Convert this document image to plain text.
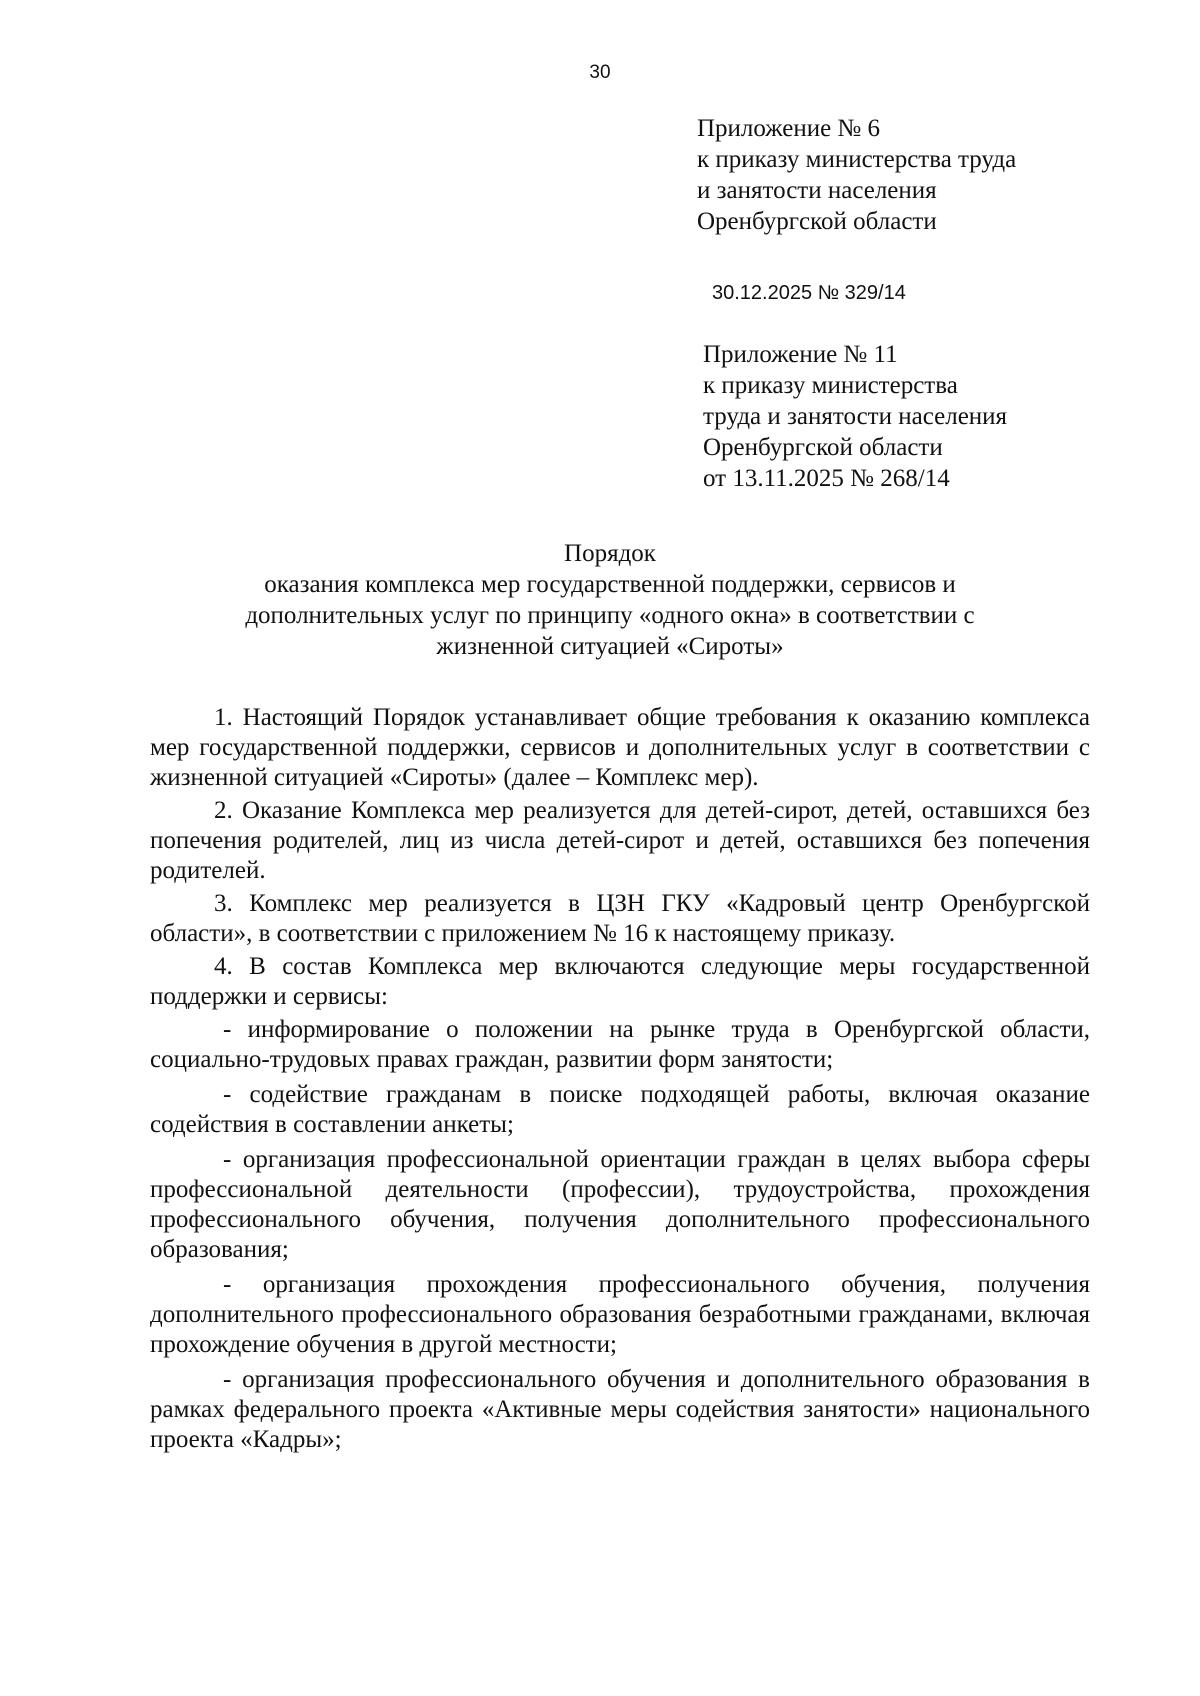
30
Приложение № 6
к приказу министерства труда
и занятости населения
Оренбургской области
30.12.2025 № 329/14
Приложение № 11
к приказу министерства
труда и занятости населения
Оренбургской области
от 13.11.2025 № 268/14
Порядок
оказания комплекса мер государственной поддержки, сервисов и
дополнительных услуг по принципу «одного окна» в соответствии с
жизненной ситуацией «Сироты»

1. Настоящий Порядок устанавливает общие требования к оказанию комплекса мер государственной поддержки, сервисов и дополнительных услуг в соответствии с жизненной ситуацией «Сироты» (далее – Комплекс мер).

2. Оказание Комплекса мер реализуется для детей-сирот, детей, оставшихся без попечения родителей, лиц из числа детей-сирот и детей, оставшихся без попечения родителей.

3. Комплекс мер реализуется в ЦЗН ГКУ «Кадровый центр Оренбургской области», в соответствии с приложением № 16 к настоящему приказу.

4. В состав Комплекса мер включаются следующие меры государственной поддержки и сервисы:

- информирование о положении на рынке труда в Оренбургской области, социально-трудовых правах граждан, развитии форм занятости;

- содействие гражданам в поиске подходящей работы, включая оказание содействия в составлении анкеты;

- организация профессиональной ориентации граждан в целях выбора сферы профессиональной деятельности (профессии), трудоустройства, прохождения профессионального обучения, получения дополнительного профессионального образования;

- организация прохождения профессионального обучения, получения дополнительного профессионального образования безработными гражданами, включая прохождение обучения в другой местности;

- организация профессионального обучения и дополнительного образования в рамках федерального проекта «Активные меры содействия занятости» национального проекта «Кадры»;
